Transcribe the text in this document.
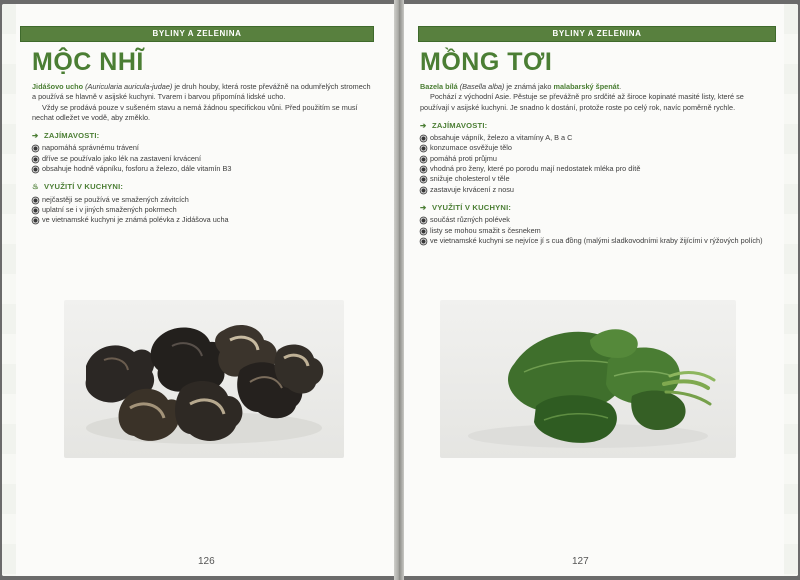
BYLINY A ZELENINA
MỘC NHĨ

Jidášovo ucho (Auricularia auricula-judae) je druh houby, která roste převážně na odumřelých stromech a používá se hlavně v asijské kuchyni. Tvarem i barvou připomíná lidské ucho.

Vždy se prodává pouze v sušeném stavu a nemá žádnou specifickou vůni. Před použitím se musí nechat odležet ve vodě, aby změklo.

➔ ZAJÍMAVOSTI:
napomáhá správnému trávení
dříve se používalo jako lék na zastavení krvácení
obsahuje hodně vápníku, fosforu a železo, dále vitamín B3
♨ VYUŽITÍ V KUCHYNI:
nejčastěji se používá ve smažených závitcích
uplatní se i v jiných smažených pokrmech
ve vietnamské kuchyni je známá polévka z Jidášova ucha
126
BYLINY A ZELENINA
MỒNG TƠI

Bazela bílá (Basella alba) je známá jako malabarský špenát.

Pochází z východní Asie. Pěstuje se převážně pro srdčité až široce kopinaté masité listy, které se používají v asijské kuchyni. Je snadno k dostání, protože roste po celý rok, navíc poměrně rychle.

➔ ZAJÍMAVOSTI:
obsahuje vápník, železo a vitamíny A, B a C
konzumace osvěžuje tělo
pomáhá proti průjmu
vhodná pro ženy, které po porodu mají nedostatek mléka pro dítě
snižuje cholesterol v těle
zastavuje krvácení z nosu
➔ VYUŽITÍ V KUCHYNI:
součást různých polévek
listy se mohou smažit s česnekem
ve vietnamské kuchyni se nejvíce jí s cua đồng (malými sladkovodními kraby žijícími v rýžových polích)
127
